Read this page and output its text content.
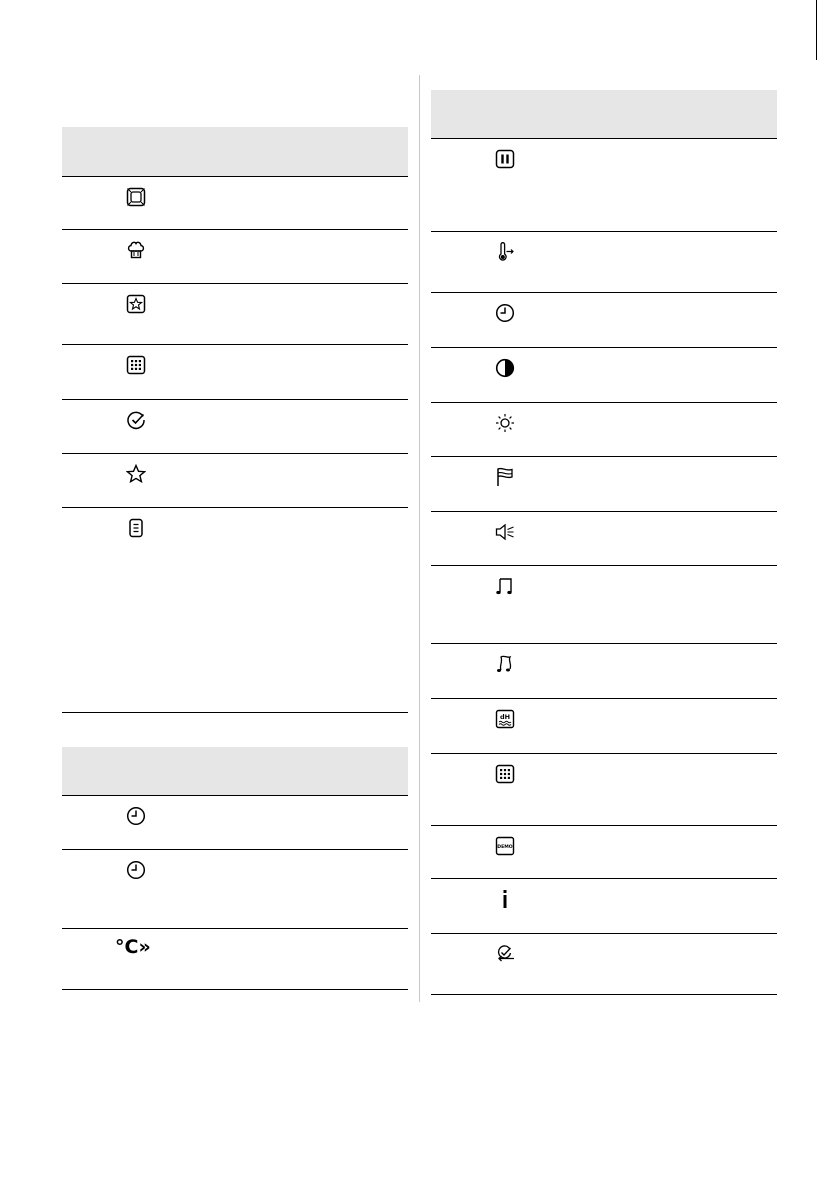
°C»
dH
DEMO
